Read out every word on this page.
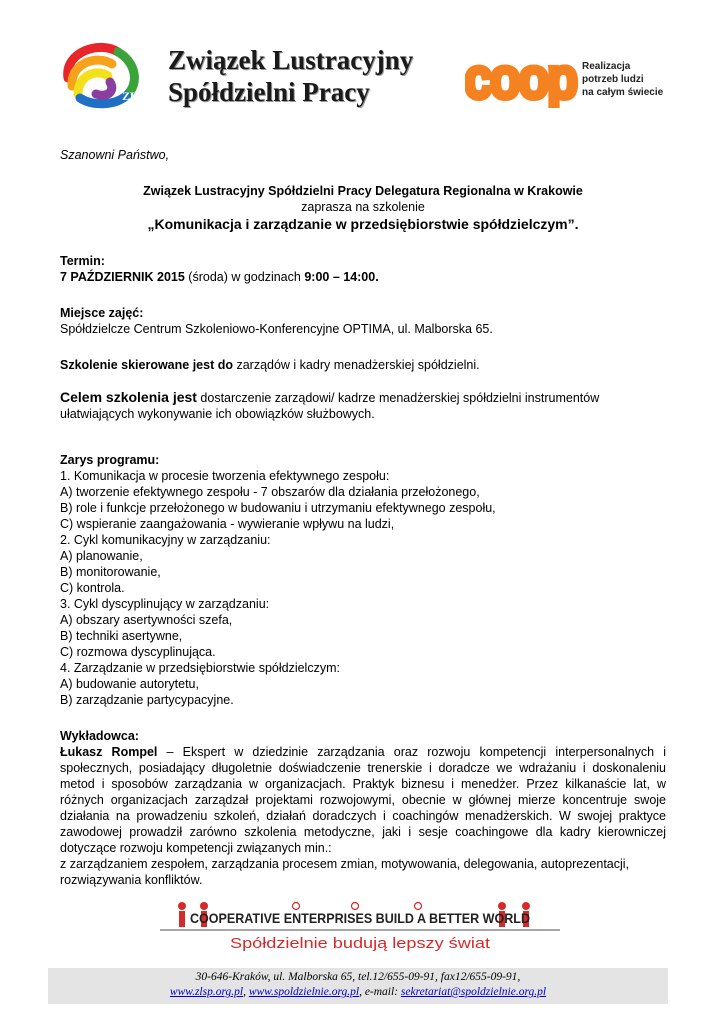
ZLSP
Związek Lustracyjny
Spółdzielni Pracy	coop Realizacja
potrzeb ludzi
na całym świecie

Szanowni Państwo,

Związek Lustracyjny Spółdzielni Pracy Delegatura Regionalna w Krakowie

zaprasza na szkolenie

„Komunikacja i zarządzanie w przedsiębiorstwie spółdzielczym”.

Termin:

7 PAŹDZIERNIK 2015 (środa) w godzinach 9:00 – 14:00.

Miejsce zajęć:

Spółdzielcze Centrum Szkoleniowo-Konferencyjne OPTIMA, ul. Malborska 65.

Szkolenie skierowane jest do zarządów i kadry menadżerskiej spółdzielni.

Celem szkolenia jest dostarczenie zarządowi/ kadrze menadżerskiej spółdzielni instrumentów ułatwiających wykonywanie ich obowiązków służbowych.

Zarys programu:

1. Komunikacja w procesie tworzenia efektywnego zespołu:

A) tworzenie efektywnego zespołu - 7 obszarów dla działania przełożonego,

B) role i funkcje przełożonego w budowaniu i utrzymaniu efektywnego zespołu,

C) wspieranie zaangażowania - wywieranie wpływu na ludzi,

2. Cykl komunikacyjny w zarządzaniu:

A) planowanie,

B) monitorowanie,

C) kontrola.

3. Cykl dyscyplinujący w zarządzaniu:

A) obszary asertywności szefa,

B) techniki asertywne,

C) rozmowa dyscyplinująca.

4. Zarządzanie w przedsiębiorstwie spółdzielczym:

A) budowanie autorytetu,

B) zarządzanie partycypacyjne.

Wykładowca:

Łukasz Rompel – Ekspert w dziedzinie zarządzania oraz rozwoju kompetencji interpersonalnych i społecznych, posiadający długoletnie doświadczenie trenerskie i doradcze we wdrażaniu i doskonaleniu metod i sposobów zarządzania w organizacjach. Praktyk biznesu i menedżer. Przez kilkanaście lat, w różnych organizacjach zarządzał projektami rozwojowymi, obecnie w głównej mierze koncentruje swoje działania na prowadzeniu szkoleń, działań doradczych i coachingów menadżerskich. W swojej praktyce zawodowej prowadził zarówno szkolenia metodyczne, jaki i sesje coachingowe dla kadry kierowniczej dotyczące rozwoju kompetencji związanych min.:

z zarządzaniem zespołem, zarządzania procesem zmian, motywowania, delegowania, autoprezentacji, rozwiązywania konfliktów.

COOPERATIVE ENTERPRISES BUILD A BETTER WORLD
Spółdzielnie budują lepszy świat
30-646-Kraków, ul. Malborska 65, tel.12/655-09-91, fax12/655-09-91,
www.zlsp.org.pl, www.spoldzielnie.org.pl, e-mail: sekretariat@spoldzielnie.org.pl
